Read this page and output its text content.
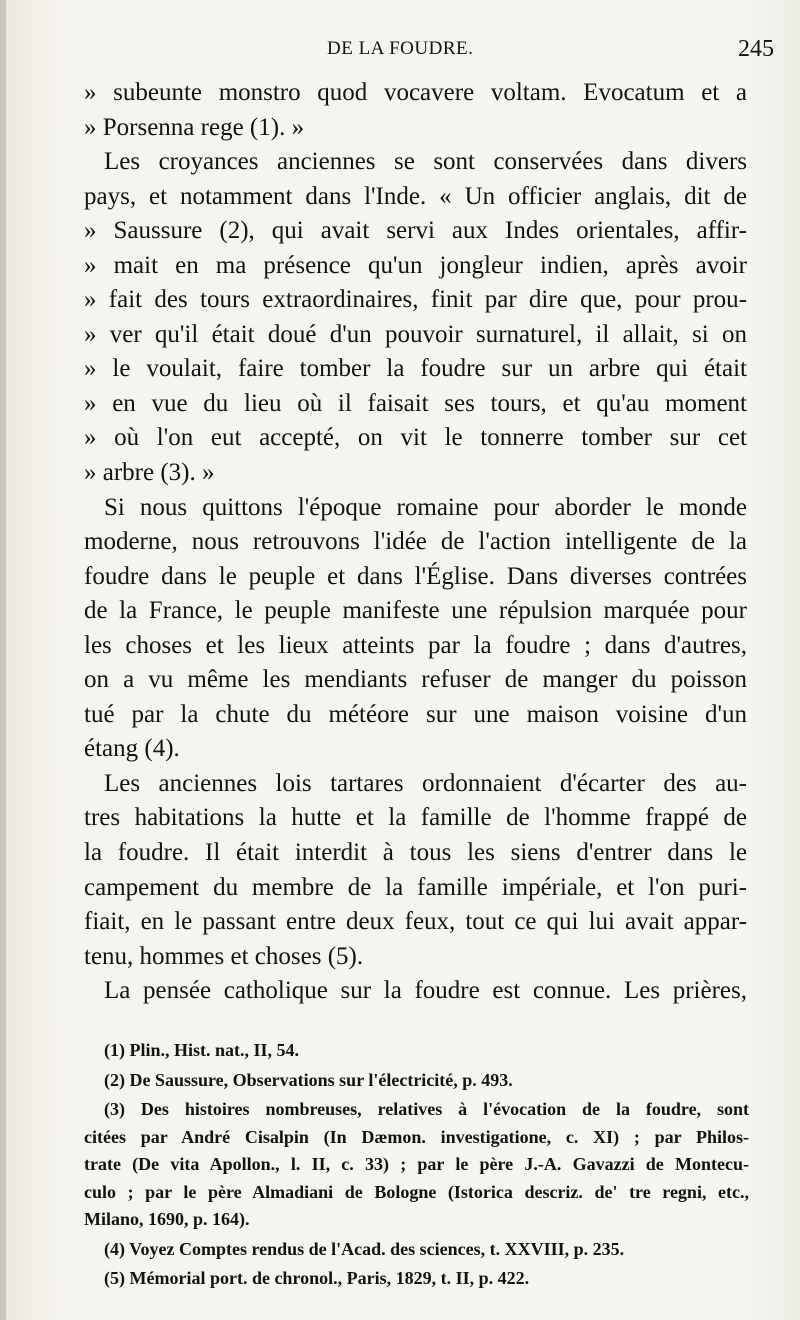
DE LA FOUDRE.	245
» subeunte monstro quod vocavere voltam. Evocatum et a
» Porsenna rege (1). »
Les croyances anciennes se sont conservées dans divers
pays, et notamment dans l'Inde. « Un officier anglais, dit de
» Saussure (2), qui avait servi aux Indes orientales, affir-
» mait en ma présence qu'un jongleur indien, après avoir
» fait des tours extraordinaires, finit par dire que, pour prou-
» ver qu'il était doué d'un pouvoir surnaturel, il allait, si on
» le voulait, faire tomber la foudre sur un arbre qui était
» en vue du lieu où il faisait ses tours, et qu'au moment
» où l'on eut accepté, on vit le tonnerre tomber sur cet
» arbre (3). »
Si nous quittons l'époque romaine pour aborder le monde
moderne, nous retrouvons l'idée de l'action intelligente de la
foudre dans le peuple et dans l'Église. Dans diverses contrées
de la France, le peuple manifeste une répulsion marquée pour
les choses et les lieux atteints par la foudre ; dans d'autres,
on a vu même les mendiants refuser de manger du poisson
tué par la chute du météore sur une maison voisine d'un
étang (4).
Les anciennes lois tartares ordonnaient d'écarter des au-
tres habitations la hutte et la famille de l'homme frappé de
la foudre. Il était interdit à tous les siens d'entrer dans le
campement du membre de la famille impériale, et l'on puri-
fiait, en le passant entre deux feux, tout ce qui lui avait appar-
tenu, hommes et choses (5).
La pensée catholique sur la foudre est connue. Les prières,
(1) Plin., Hist. nat., II, 54.
(2) De Saussure, Observations sur l'électricité, p. 493.
(3) Des histoires nombreuses, relatives à l'évocation de la foudre, sont
citées par André Cisalpin (In Dæmon. investigatione, c. XI) ; par Philos-
trate (De vita Apollon., l. II, c. 33) ; par le père J.-A. Gavazzi de Montecu-
culo ; par le père Almadiani de Bologne (Istorica descriz. de' tre regni, etc.,
Milano, 1690, p. 164).
(4) Voyez Comptes rendus de l'Acad. des sciences, t. XXVIII, p. 235.
(5) Mémorial port. de chronol., Paris, 1829, t. II, p. 422.
